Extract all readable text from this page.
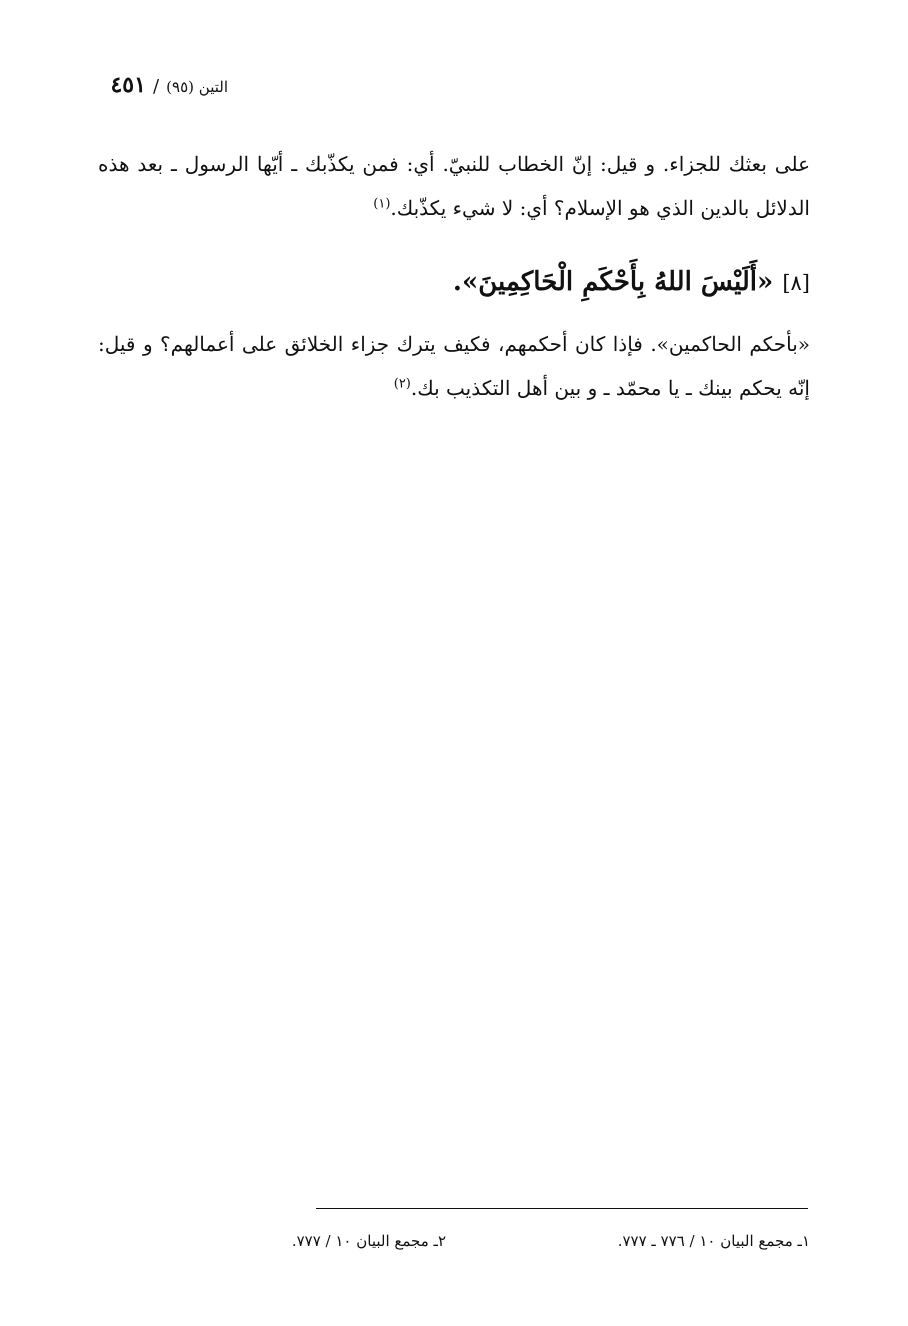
التين (٩٥) / ٤٥١
على بعثك للجزاء. و قيل: إنّ الخطاب للنبيّ. أي: فمن يكذّبك ـ أيّها الرسول ـ بعد هذه الدلائل بالدين الذي هو الإسلام؟ أي: لا شيء يكذّبك.$^{(١)}$
[٨] «أَلَيْسَ اللهُ بِأَحْكَمِ الْحَاكِمِينَ».
«بأحكم الحاكمين». فإذا كان أحكمهم، فكيف يترك جزاء الخلائق على أعمالهم؟ و قيل: إنّه يحكم بينك ـ يا محمّد ـ و بين أهل التكذيب بك.$^{(٢)}$
١ـ مجمع البيان ١٠ / ٧٧٦ ـ ٧٧٧.
٢ـ مجمع البيان ١٠ / ٧٧٧.
